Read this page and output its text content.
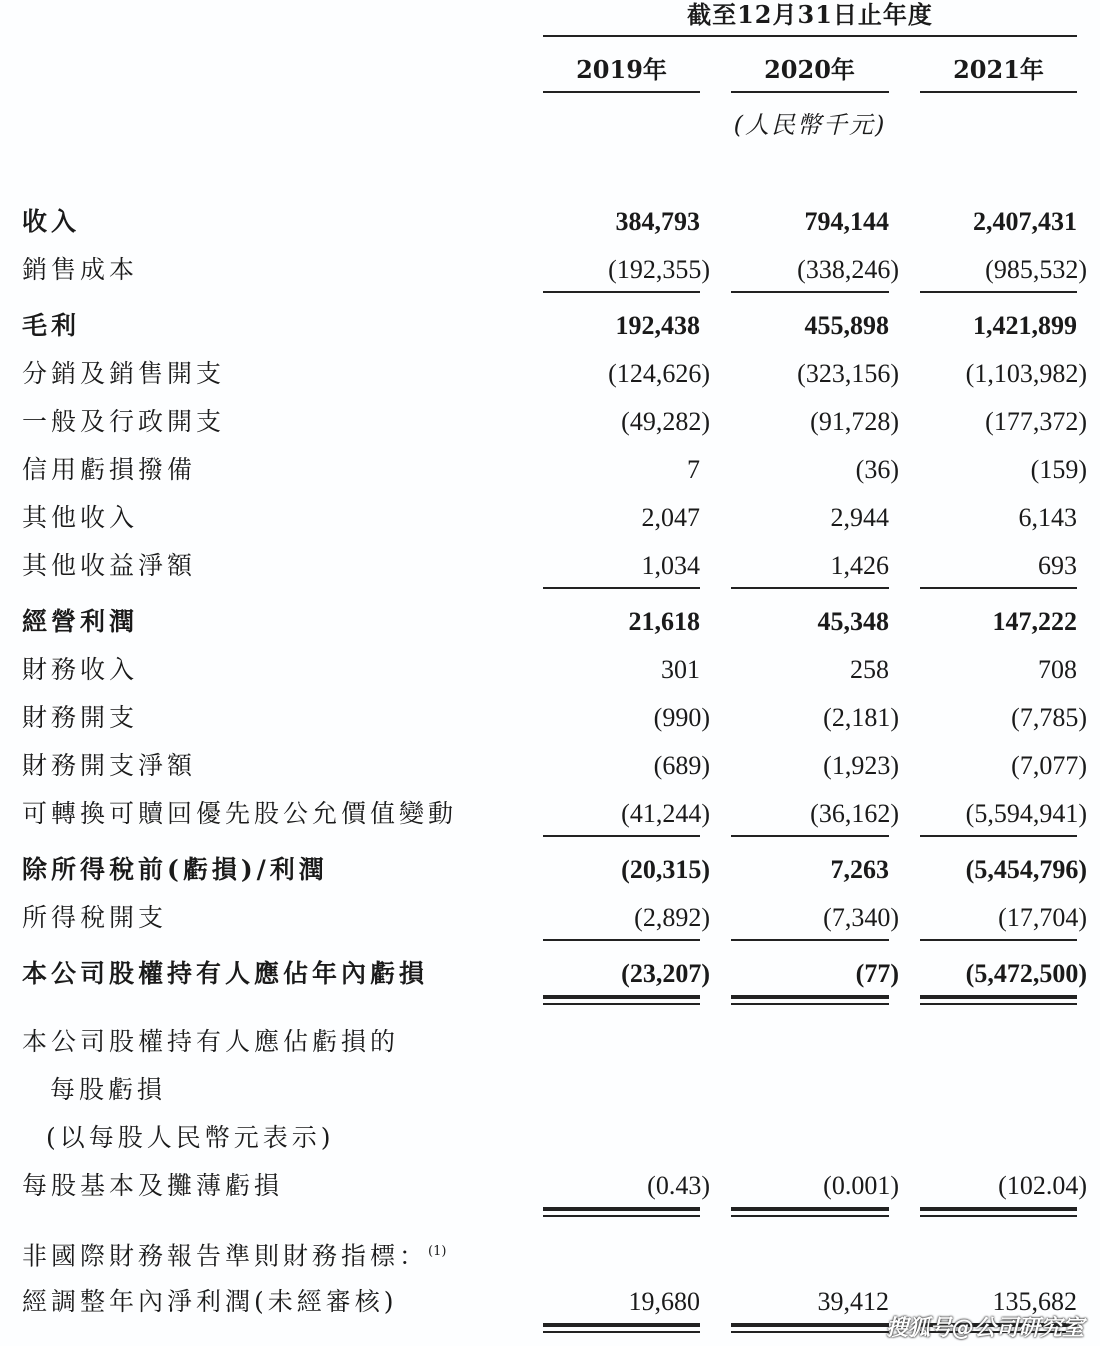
截至12月31日止年度
2019年	2020年	2021年
(人民幣千元)
收入	384,793	794,144	2,407,431
銷售成本	(192,355)	(338,246)	(985,532)
毛利	192,438	455,898	1,421,899
分銷及銷售開支	(124,626)	(323,156)	(1,103,982)
一般及行政開支	(49,282)	(91,728)	(177,372)
信用虧損撥備	7	(36)	(159)
其他收入	2,047	2,944	6,143
其他收益淨額	1,034	1,426	693
經營利潤	21,618	45,348	147,222
財務收入	301	258	708
財務開支	(990)	(2,181)	(7,785)
財務開支淨額	(689)	(1,923)	(7,077)
可轉換可贖回優先股公允價值變動	(41,244)	(36,162)	(5,594,941)
除所得稅前(虧損)/利潤	(20,315)	7,263	(5,454,796)
所得稅開支	(2,892)	(7,340)	(17,704)
本公司股權持有人應佔年內虧損	(23,207)	(77)	(5,472,500)
本公司股權持有人應佔虧損的
每股虧損
(以每股人民幣元表示)
每股基本及攤薄虧損	(0.43)	(0.001)	(102.04)
非國際財務報告準則財務指標：$^{(1)}$
經調整年內淨利潤(未經審核)	19,680	39,412	135,682
搜狐号@公司研究室
